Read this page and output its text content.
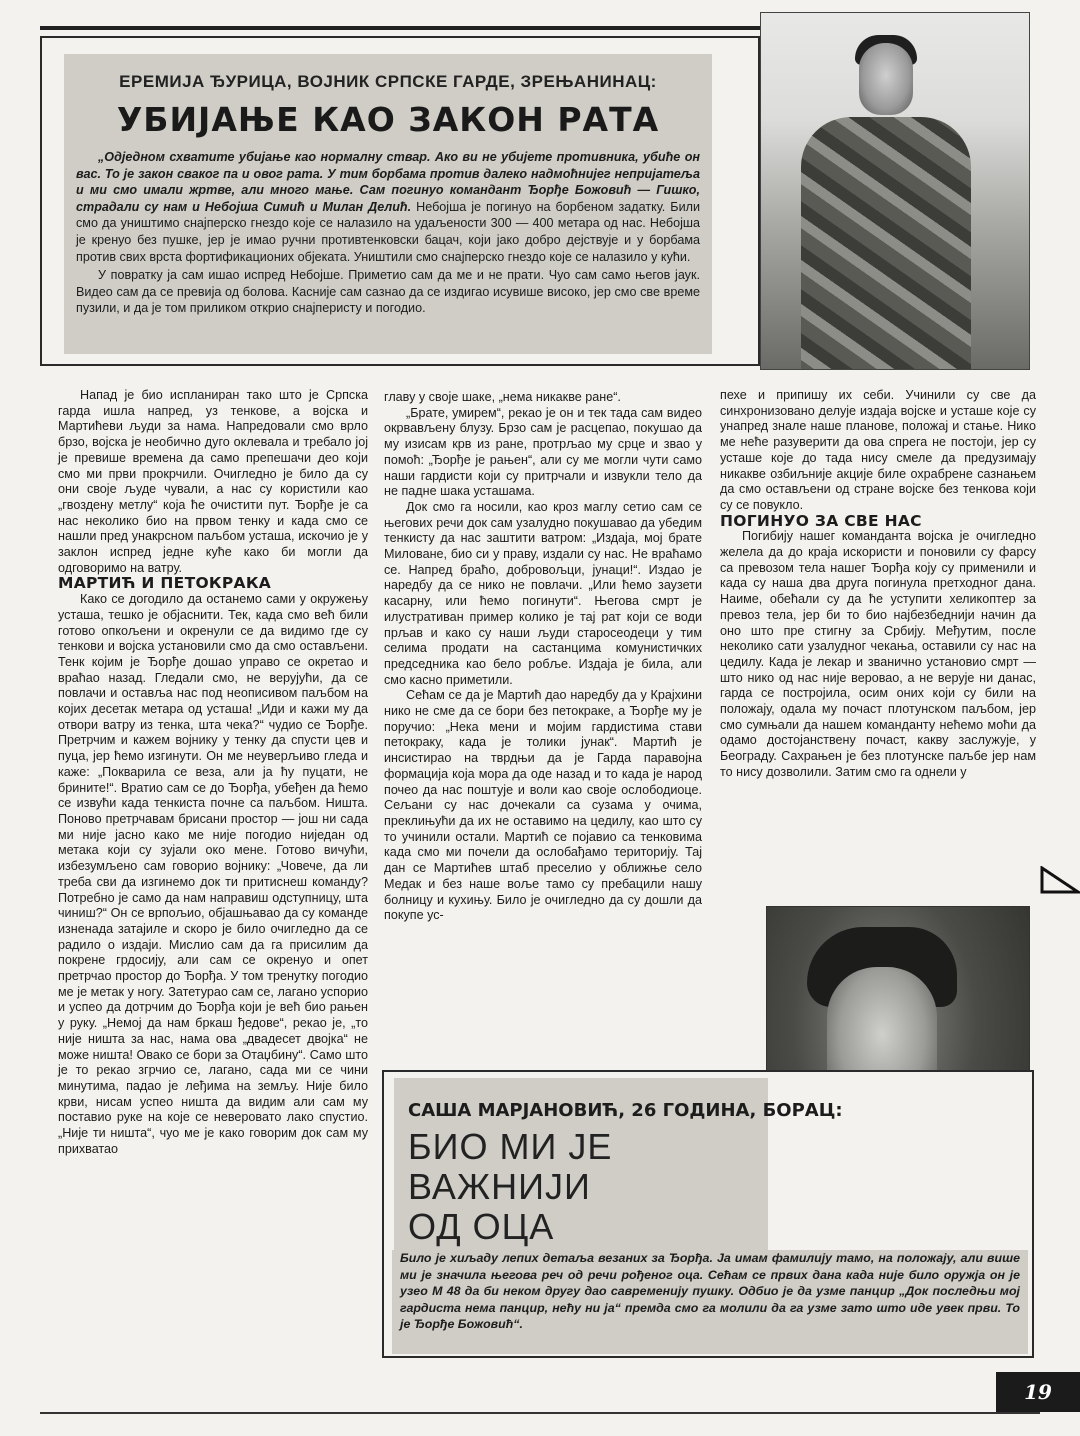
ЕРЕМИЈА ЂУРИЦА, ВОЈНИК СРПСКЕ ГАРДЕ, ЗРЕЊАНИНАЦ:

УБИЈАЊЕ КАО ЗАКОН РАТА

„Одједном схватите убијање као нормалну ствар. Ако ви не убијете противника, убиће он вас. То је закон сваког па и овог рата. У тим борбама против далеко надмоћнијег непријатеља и ми смо имали жртве, али много мање. Сам погинуо командант Ђорђе Божовић — Гишко, страдали су нам и Небојша Симић и Милан Делић. Небојша је погинуо на борбеном задатку. Били смо да уништимо снајперско гнездо које се налазило на удаљености 300 — 400 метара од нас. Небојша је кренуо без пушке, јер је имао ручни противтенковски бацач, који јако добро дејствује и у борбама против свих врста фортификационих објеката. Уништили смо снајперско гнездо које се налазило у кући.

У повратку ја сам ишао испред Небојше. Приметио сам да ме и не прати. Чуо сам само његов јаук. Видео сам да се превија од болова. Касније сам сазнао да се издигао исувише високо, јер смо све време пузили, и да је том приликом открио снајперисту и погодио.

Напад је био испланиран тако што је Српска гарда ишла напред, уз тенкове, а војска и Мартићеви људи за нама. Напредовали смо врло брзо, војска је необично дуго оклевала и требало јој је превише времена да само препешачи део који смо ми први прокрчили. Очигледно је било да су они своје људе чували, а нас су користили као „гвоздену метлу“ која ће очистити пут. Ђорђе је са нас неколико био на првом тенку и када смо се нашли пред унакрсном паљбом усташа, искочио је у заклон испред једне куће како би могли да одговоримо на ватру.

МАРТИЋ И ПЕТОКРАКА

Како се догодило да останемо сами у окружењу усташа, тешко је објаснити. Тек, када смо већ били готово опкољени и окренули се да видимо где су тенкови и војска установили смо да смо остављени. Тенк којим је Ђорђе дошао управо се окретао и враћао назад. Гледали смо, не верујући, да се повлачи и оставља нас под неописивом паљбом на којих десетак метара од усташа! „Иди и кажи му да отвори ватру из тенка, шта чека?“ чудио се Ђорђе. Претрчим и кажем војнику у тенку да спусти цев и пуца, јер ћемо изгинути. Он ме неуверљиво гледа и каже: „Покварила се веза, али ја ћу пуцати, не брините!“. Вратио сам се до Ђорђа, убеђен да ћемо се извући када тенкиста почне са паљбом. Ништа. Поново претрчавам брисани простор — још ни сада ми није јасно како ме није погодио ниједан од метака који су зујали око мене. Готово вичући, избезумљено сам говорио војнику: „Човече, да ли треба сви да изгинемо док ти притиснеш команду? Потребно је само да нам направиш одступницу, шта чиниш?“ Он се врпољио, објашњавао да су команде изненада затајиле и скоро је било очигледно да се радило о издаји. Мислио сам да га присилим да покрене грдосију, али сам се окренуо и опет претрчао простор до Ђорђа. У том тренутку погодио ме је метак у ногу. Затетурао сам се, лагано успорио и успео да дотрчим до Ђорђа који је већ био рањен у руку. „Немој да нам бркаш ђедове“, рекао је, „то није ништа за нас, нама ова „двадесет двојка“ не може ништа! Овако се бори за Отаџбину“. Само што је то рекао згрчио се, лагано, сада ми се чини минутима, падао је леђима на земљу. Није било крви, нисам успео ништа да видим али сам му поставио руке на које се неверовато лако спустио. „Није ти ништа“, чуо ме је како говорим док сам му прихватао

главу у своје шаке, „нема никакве ране“.

„Брате, умирем“, рекао је он и тек тада сам видео окрвављену блузу. Брзо сам је расцепао, покушао да му изисам крв из ране, протрљао му срце и звао у помоћ: „Ђорђе је рањен“, али су ме могли чути само наши гардисти који су притрчали и извукли тело да не падне шака усташама.

Док смо га носили, као кроз маглу сетио сам се његових речи док сам узалудно покушавао да убедим тенкисту да нас заштити ватром: „Издаја, мој брате Миловане, био си у праву, издали су нас. Не враћамо се. Напред браћо, добровољци, јунаци!“. Издао је наредбу да се нико не повлачи. „Или ћемо заузети касарну, или ћемо погинути“. Његова смрт је илустративан пример колико је тај рат који се води прљав и како су наши људи старосеодеци у тим селима продати на састанцима комунистичких председника као бело робље. Издаја је била, али смо касно приметили.

Сећам се да је Мартић дао наредбу да у Крајхини нико не сме да се бори без петокраке, а Ђорђе му је поручио: „Нека мени и мојим гардистима стави петокраку, када је толики јунак“. Мартић је инсистирао на тврдњи да је Гарда паравојна формација која мора да оде назад и то када је народ почео да нас поштује и воли као своје ослободиоце. Сељани су нас дочекали са сузама у очима, преклињући да их не оставимо на цедилу, као што су то учинили остали. Мартић се појавио са тенковима када смо ми почели да ослобађамо територију. Тај дан се Мартићев штаб преселио у оближње село Медак и без наше воље тамо су пребацили нашу болницу и кухињу. Било је очигледно да су дошли да покупе ус-

пехе и припишу их себи. Учинили су све да синхронизовано делује издаја војске и усташе које су унапред знале наше планове, положај и стање. Нико ме неће разуверити да ова спрега не постоји, јер су усташе које до тада нису смеле да предузимају никакве озбиљније акције биле охрабрене сазнањем да смо остављени од стране војске без тенкова који су се повукло.

ПОГИНУО ЗА СВЕ НАС

Погибију нашег команданта војска је очигледно желела да до краја искористи и поновили су фарсу са превозом тела нашег Ђорђа коју су применили и када су наша два друга погинула претходног дана. Наиме, обећали су да ће уступити хеликоптер за превоз тела, јер би то био најбезбеднији начин да оно што пре стигну за Србију. Међутим, после неколико сати узалудног чекања, оставили су нас на цедилу. Када је лекар и званично установио смрт — што нико од нас није веровао, а не верује ни данас, гарда се постројила, осим оних који су били на положају, одала му почаст плотунском паљбом, јер смо сумњали да нашем команданту нећемо моћи да одамо достојанствену почаст, какву заслужује, у Београду. Сахрањен је без плотунске паљбе јер нам то нису дозволили. Затим смо га однели у

САША МАРЈАНОВИЋ, 26 ГОДИНА, БОРАЦ:

БИО МИ ЈЕ

ВАЖНИЈИ

ОД ОЦА

Било је хиљаду лепих детаља везаних за Ђорђа. Ја имам фамилију тамо, на положају, али више ми је значила његова реч од речи рођеног оца. Сећам се првих дана када није било оружја он је узео М 48 да би неком другу дао савременију пушку. Одбио је да узме панцир „Док последњи мој гардиста нема панцир, нећу ни ја“ премда смо га молили да га узме зато што иде увек први. То је Ђорђе Божовић“.
19
